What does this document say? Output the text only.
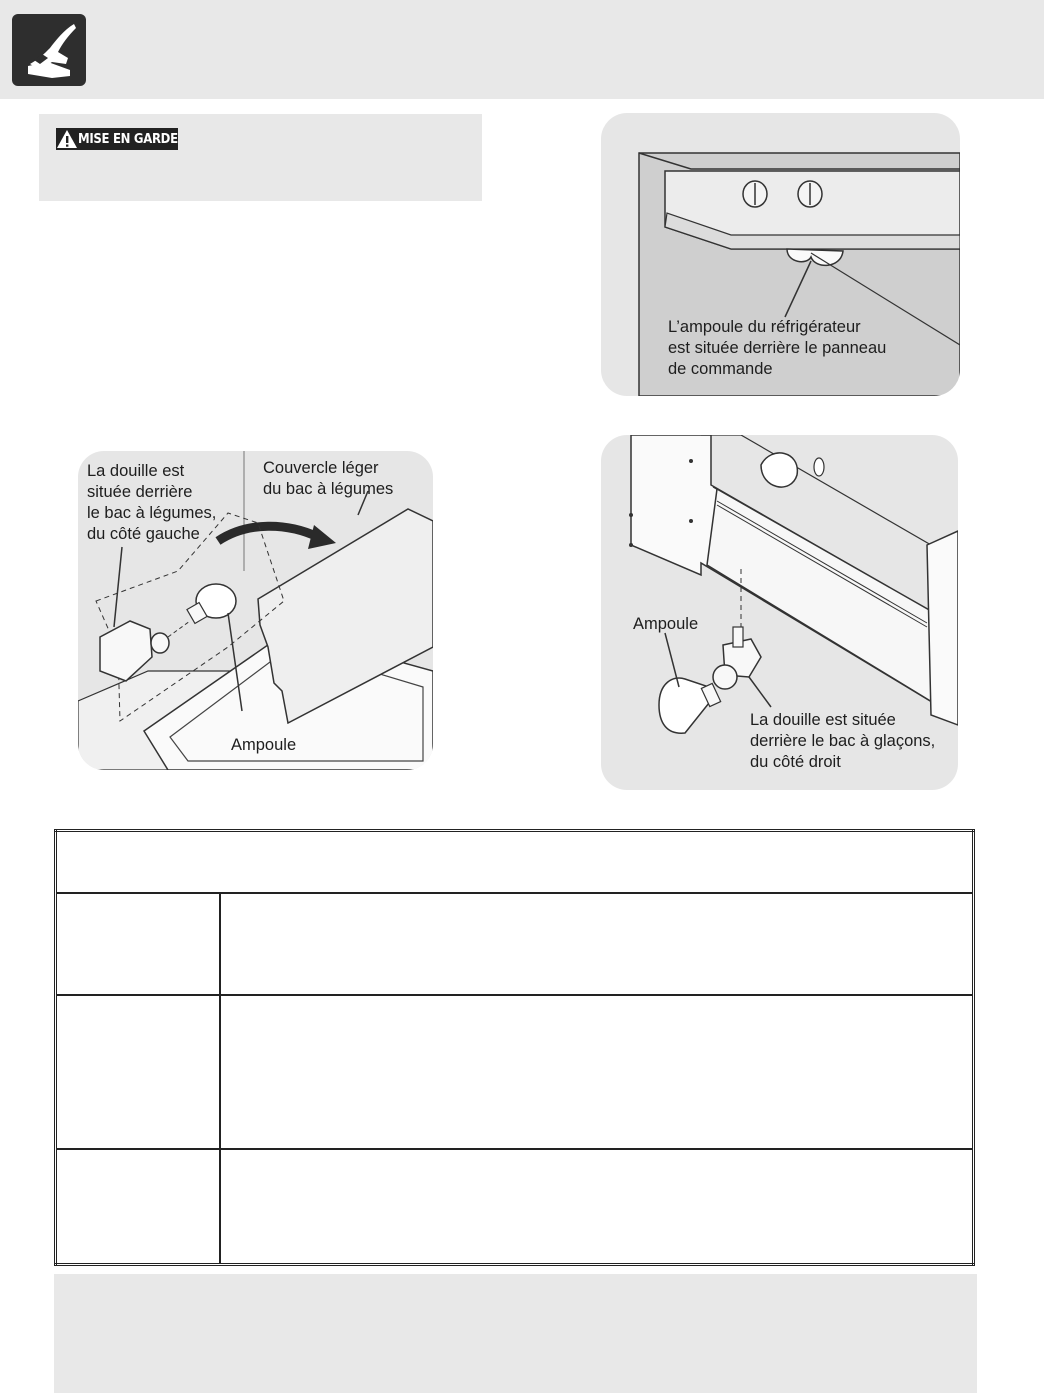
MISE EN GARDE
L’ampoule du réfrigérateur
est située derrière le panneau
de commande
La douille est
située derrière
le bac à légumes,
du côté gauche
Couvercle léger
du bac à légumes
Ampoule
Ampoule
La douille est située
derrière le bac à glaçons,
du côté droit
